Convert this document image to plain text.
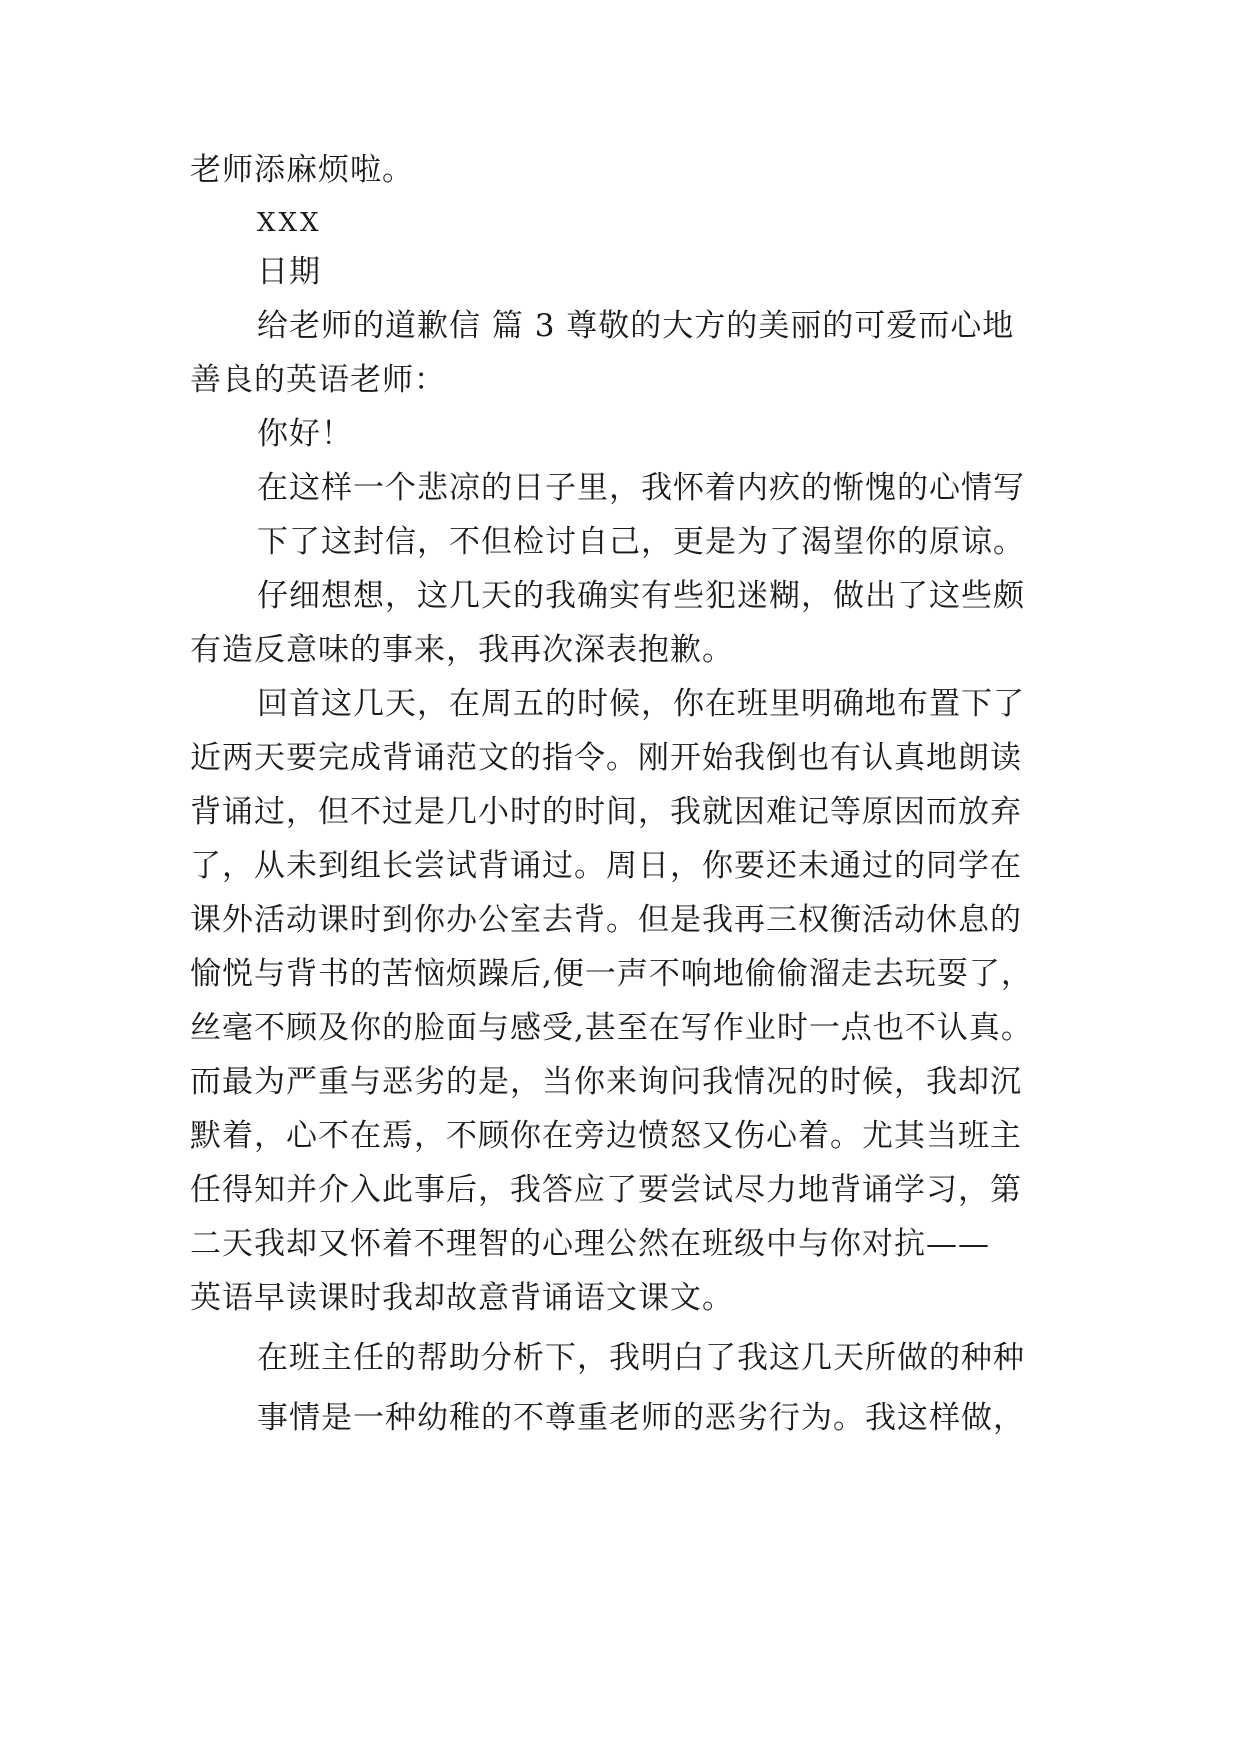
老师添麻烦啦。
XXX
日期
给老师的道歉信 篇 3 尊敬的大方的美丽的可爱而心地
善良的英语老师：
你好！
在这样一个悲凉的日子里，我怀着内疚的惭愧的心情写
下了这封信，不但检讨自己，更是为了渴望你的原谅。
仔细想想，这几天的我确实有些犯迷糊，做出了这些颇
有造反意味的事来，我再次深表抱歉。
回首这几天，在周五的时候，你在班里明确地布置下了
近两天要完成背诵范文的指令。刚开始我倒也有认真地朗读
背诵过，但不过是几小时的时间，我就因难记等原因而放弃
了，从未到组长尝试背诵过。周日，你要还未通过的同学在
课外活动课时到你办公室去背。但是我再三权衡活动休息的
愉悦与背书的苦恼烦躁后,便一声不响地偷偷溜走去玩耍了，
丝毫不顾及你的脸面与感受,甚至在写作业时一点也不认真。
而最为严重与恶劣的是，当你来询问我情况的时候，我却沉
默着，心不在焉，不顾你在旁边愤怒又伤心着。尤其当班主
任得知并介入此事后，我答应了要尝试尽力地背诵学习，第
二天我却又怀着不理智的心理公然在班级中与你对抗——
英语早读课时我却故意背诵语文课文。
在班主任的帮助分析下，我明白了我这几天所做的种种
事情是一种幼稚的不尊重老师的恶劣行为。我这样做，
